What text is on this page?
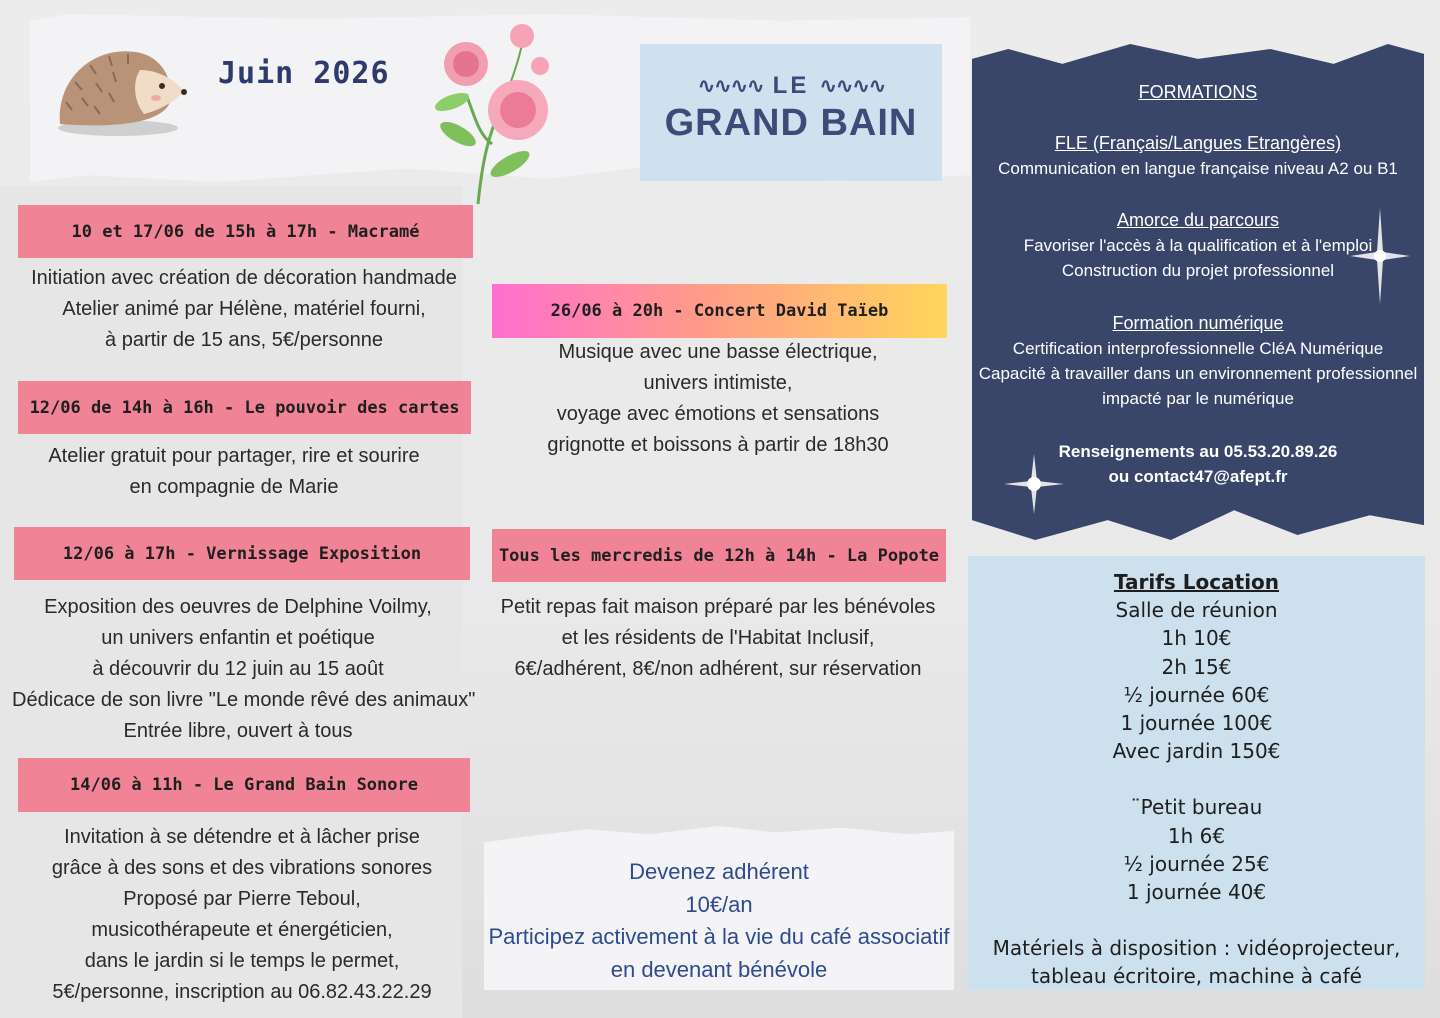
Juin 2026	∿∿∿∿ LE ∿∿∿∿
GRAND BAIN
10 et 17/06 de 15h à 17h - Macramé
Initiation avec création de décoration handmade
Atelier animé par Hélène, matériel fourni,
à partir de 15 ans, 5€/personne
12/06 de 14h à 16h - Le pouvoir des cartes
Atelier gratuit pour partager, rire et sourire
en compagnie de Marie
12/06 à 17h - Vernissage Exposition
Exposition des oeuvres de Delphine Voilmy,
un univers enfantin et poétique
à découvrir du 12 juin au 15 août
Dédicace de son livre "Le monde rêvé des animaux"
Entrée libre, ouvert à tous
14/06 à 11h - Le Grand Bain Sonore
Invitation à se détendre et à lâcher prise
grâce à des sons et des vibrations sonores
Proposé par Pierre Teboul,
musicothérapeute et énergéticien,
dans le jardin si le temps le permet,
5€/personne, inscription au 06.82.43.22.29
26/06 à 20h - Concert David Taïeb
Musique avec une basse électrique,
univers intimiste,
voyage avec émotions et sensations
grignotte et boissons à partir de 18h30
Tous les mercredis de 12h à 14h - La Popote
Petit repas fait maison préparé par les bénévoles
et les résidents de l'Habitat Inclusif,
6€/adhérent, 8€/non adhérent, sur réservation
Devenez adhérent
10€/an
Participez activement à la vie du café associatif
en devenant bénévole
FORMATIONS
FLE (Français/Langues Etrangères)
Communication en langue française niveau A2 ou B1
Amorce du parcours
Favoriser l'accès à la qualification et à l'emploi
Construction du projet professionnel
Formation numérique
Certification interprofessionnelle CléA Numérique
Capacité à travailler dans un environnement professionnel
impacté par le numérique
Renseignements au 05.53.20.89.26
ou contact47@afept.fr
Tarifs Location
Salle de réunion
1h 10€
2h 15€
½ journée 60€
1 journée 100€
Avec jardin 150€
¨Petit bureau
1h 6€
½ journée 25€
1 journée 40€
Matériels à disposition : vidéoprojecteur,
tableau écritoire, machine à café
